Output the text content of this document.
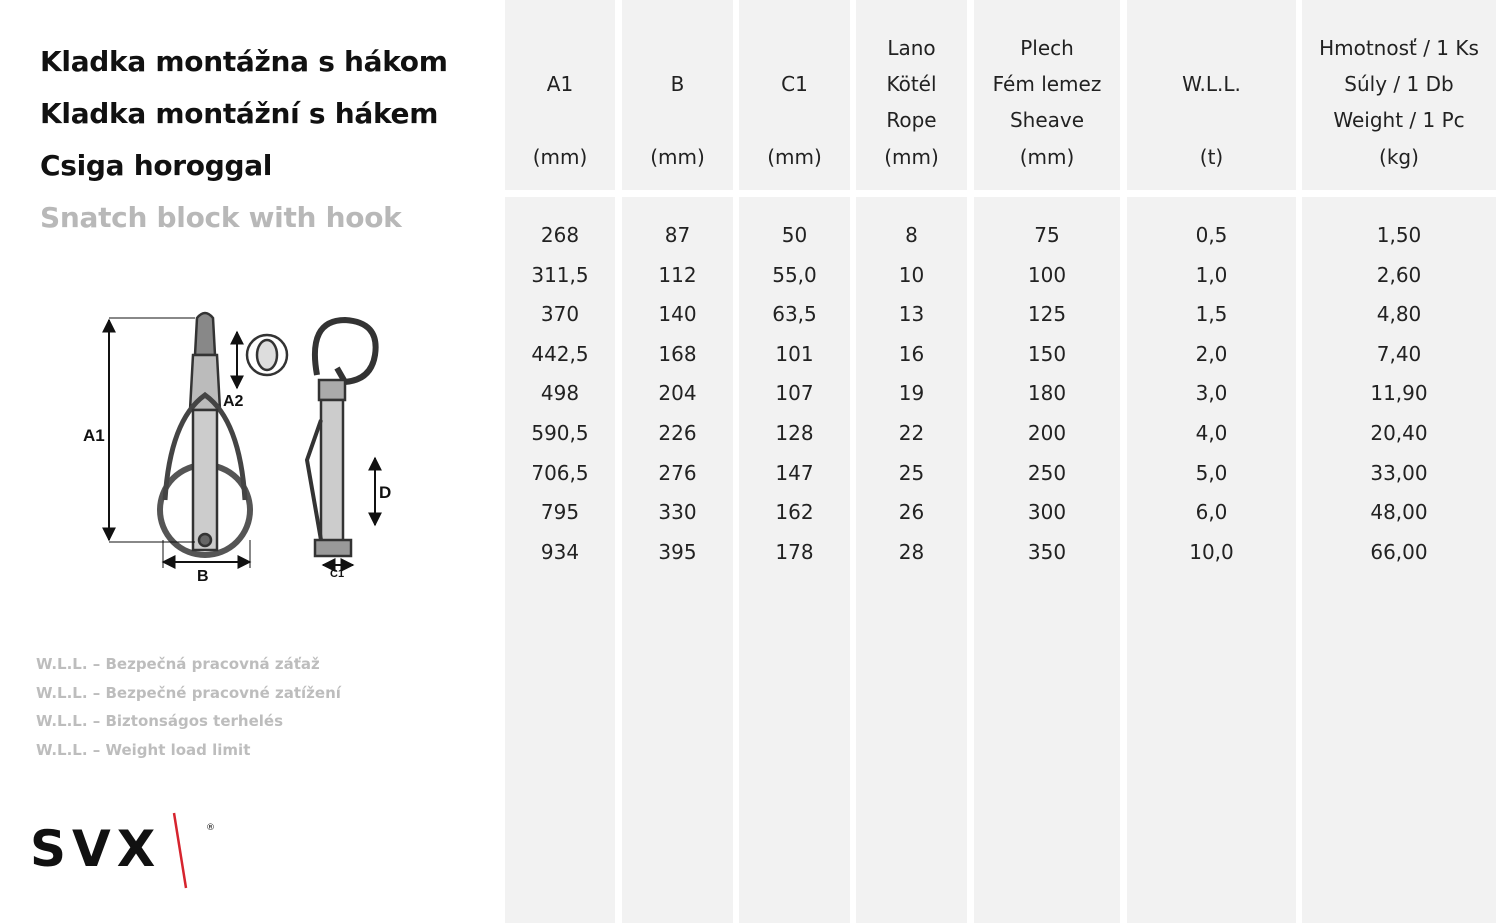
Kladka montážna s hákom
Kladka montážní s hákem
Csiga horoggal
Snatch block with hook
A1
A2
B	C1
D
W.L.L. – Bezpečná pracovná záťaž
W.L.L. – Bezpečné pracovné zatížení
W.L.L. – Biztonságos terhelés
W.L.L. – Weight load limit
SVX	®
A1
(mm)
268
311,5
370
442,5
498
590,5
706,5
795
934
B
(mm)
87
112
140
168
204
226
276
330
395
C1
(mm)
50
55,0
63,5
101
107
128
147
162
178
Lano
Kötél
Rope
(mm)
8
10
13
16
19
22
25
26
28
Plech
Fém lemez
Sheave
(mm)
75
100
125
150
180
200
250
300
350
W.L.L.
(t)
0,5
1,0
1,5
2,0
3,0
4,0
5,0
6,0
10,0
Hmotnosť / 1 Ks
Súly / 1 Db
Weight / 1 Pc
(kg)
1,50
2,60
4,80
7,40
11,90
20,40
33,00
48,00
66,00
